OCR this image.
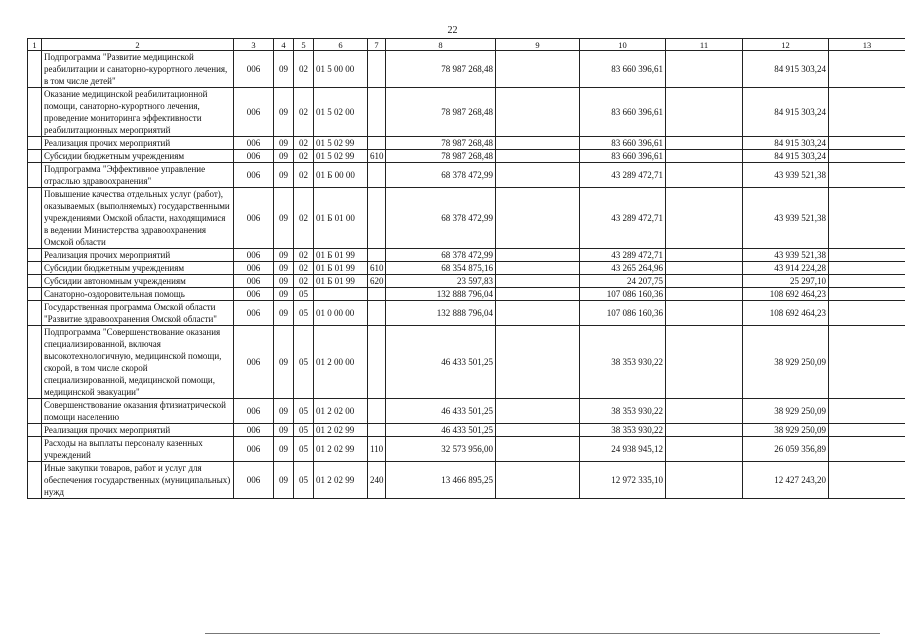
22
1	2	3	4	5	6	7	8	9	10	11	12	13
	Подпрограмма "Развитие медицинской реабилитации и санаторно-курортного лечения, в том числе детей"	006	09	02	01 5 00 00		78 987 268,48		83 660 396,61		84 915 303,24	
	Оказание медицинской реабилитационной помощи, санаторно-курортного лечения, проведение мониторинга эффективности реабилитационных мероприятий	006	09	02	01 5 02 00		78 987 268,48		83 660 396,61		84 915 303,24	
	Реализация прочих мероприятий	006	09	02	01 5 02 99		78 987 268,48		83 660 396,61		84 915 303,24	
	Субсидии бюджетным учреждениям	006	09	02	01 5 02 99	610	78 987 268,48		83 660 396,61		84 915 303,24	
	Подпрограмма "Эффективное управление отраслью здравоохранения"	006	09	02	01 Б 00 00		68 378 472,99		43 289 472,71		43 939 521,38	
	Повышение качества отдельных услуг (работ), оказываемых (выполняемых) государственными учреждениями Омской области, находящимися в ведении Министерства здравоохранения Омской области	006	09	02	01 Б 01 00		68 378 472,99		43 289 472,71		43 939 521,38	
	Реализация прочих мероприятий	006	09	02	01 Б 01 99		68 378 472,99		43 289 472,71		43 939 521,38	
	Субсидии бюджетным учреждениям	006	09	02	01 Б 01 99	610	68 354 875,16		43 265 264,96		43 914 224,28	
	Субсидии автономным учреждениям	006	09	02	01 Б 01 99	620	23 597,83		24 207,75		25 297,10	
	Санаторно-оздоровительная помощь	006	09	05			132 888 796,04		107 086 160,36		108 692 464,23	
	Государственная программа Омской области "Развитие здравоохранения Омской области"	006	09	05	01 0 00 00		132 888 796,04		107 086 160,36		108 692 464,23	
	Подпрограмма "Совершенствование оказания специализированной, включая высокотехнологичную, медицинской помощи, скорой, в том числе скорой специализированной, медицинской помощи, медицинской эвакуации"	006	09	05	01 2 00 00		46 433 501,25		38 353 930,22		38 929 250,09	
	Совершенствование оказания фтизиатрической помощи населению	006	09	05	01 2 02 00		46 433 501,25		38 353 930,22		38 929 250,09	
	Реализация прочих мероприятий	006	09	05	01 2 02 99		46 433 501,25		38 353 930,22		38 929 250,09	
	Расходы на выплаты персоналу казенных учреждений	006	09	05	01 2 02 99	110	32 573 956,00		24 938 945,12		26 059 356,89	
	Иные закупки товаров, работ и услуг для обеспечения государственных (муниципальных) нужд	006	09	05	01 2 02 99	240	13 466 895,25		12 972 335,10		12 427 243,20	
